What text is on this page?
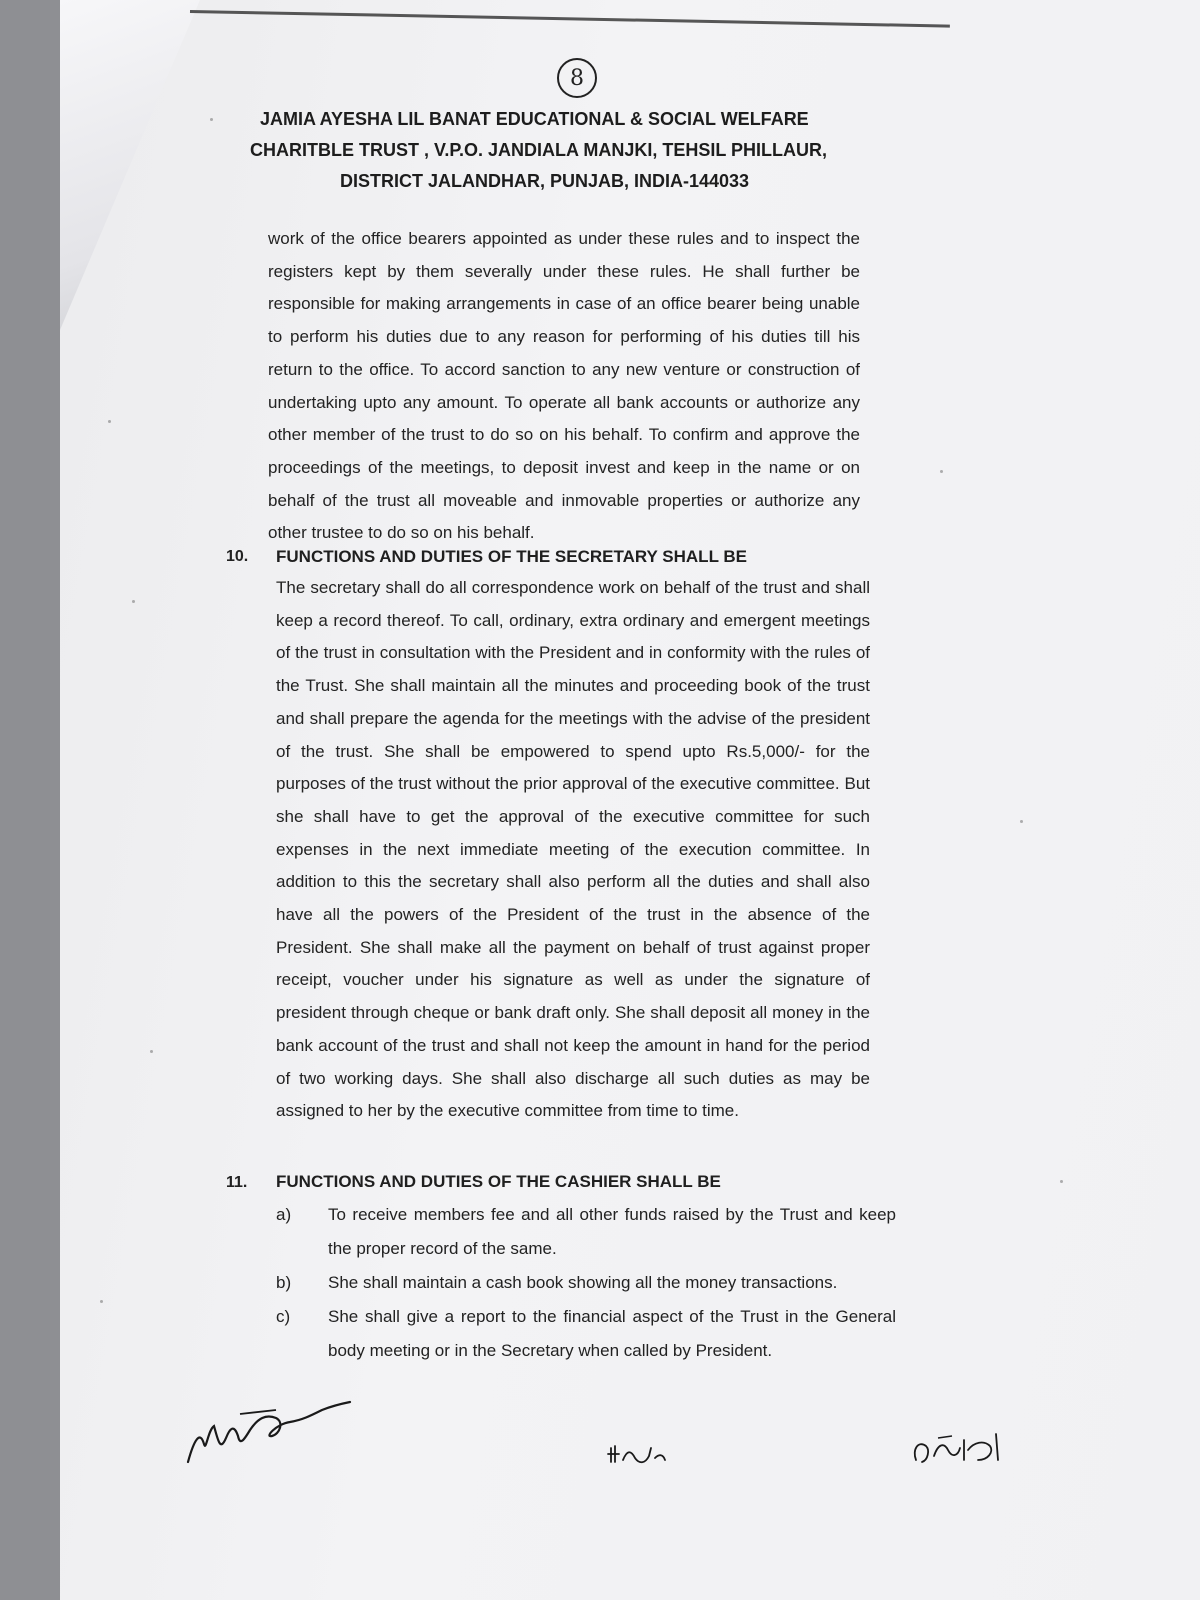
8
JAMIA AYESHA LIL BANAT EDUCATIONAL & SOCIAL WELFARE
CHARITBLE TRUST , V.P.O. JANDIALA MANJKI, TEHSIL PHILLAUR,
DISTRICT JALANDHAR, PUNJAB, INDIA-144033
work of the office bearers appointed as under these rules and to inspect the registers kept by them severally under these rules. He shall further be responsible for making arrangements in case of an office bearer being unable to perform his duties due to any reason for performing of his duties till his return to the office. To accord sanction to any new venture or construction of undertaking upto any amount. To operate all bank accounts or authorize any other member of the trust to do so on his behalf. To confirm and approve the proceedings of the meetings, to deposit invest and keep in the name or on behalf of the trust all moveable and inmovable properties or authorize any other trustee to do so on his behalf.
10. FUNCTIONS AND DUTIES OF THE SECRETARY SHALL BE
The secretary shall do all correspondence work on behalf of the trust and shall keep a record thereof. To call, ordinary, extra ordinary and emergent meetings of the trust in consultation with the President and in conformity with the rules of the Trust. She shall maintain all the minutes and proceeding book of the trust and shall prepare the agenda for the meetings with the advise of the president of the trust. She shall be empowered to spend upto Rs.5,000/- for the purposes of the trust without the prior approval of the executive committee. But she shall have to get the approval of the executive committee for such expenses in the next immediate meeting of the execution committee. In addition to this the secretary shall also perform all the duties and shall also have all the powers of the President of the trust in the absence of the President. She shall make all the payment on behalf of trust against proper receipt, voucher under his signature as well as under the signature of president through cheque or bank draft only. She shall deposit all money in the bank account of the trust and shall not keep the amount in hand for the period of two working days. She shall also discharge all such duties as may be assigned to her by the executive committee from time to time.
11. FUNCTIONS AND DUTIES OF THE CASHIER SHALL BE
a)	To receive members fee and all other funds raised by the Trust and keep the proper record of the same.
b)	She shall maintain a cash book showing all the money transactions.
c)	She shall give a report to the financial aspect of the Trust in the General body meeting or in the Secretary when called by President.
